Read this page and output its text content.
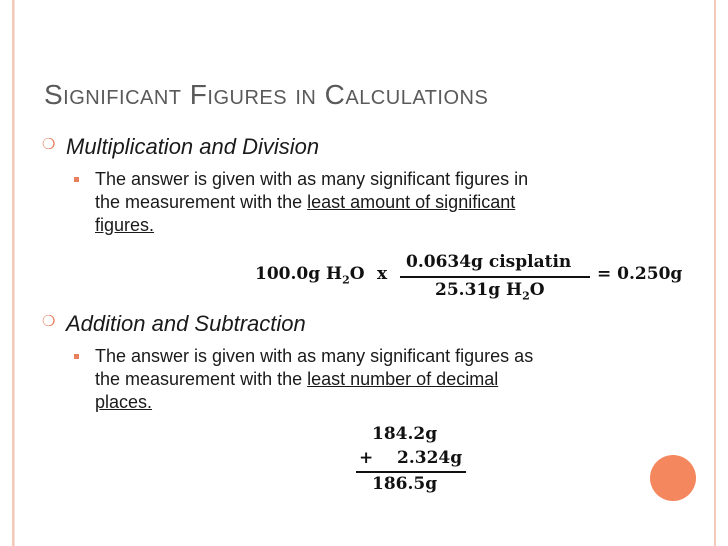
Significant Figures in Calculations
❍ Multiplication and Division
The answer is given with as many significant figures in
the measurement with the least amount of significant
figures.
100.0g $H_2O$ x
0.0634g cisplatin
25.31g $H_2O$
= 0.250g
❍ Addition and Subtraction
The answer is given with as many significant figures as
the measurement with the least number of decimal
places.
184.2g
+ 2.324g
186.5g
